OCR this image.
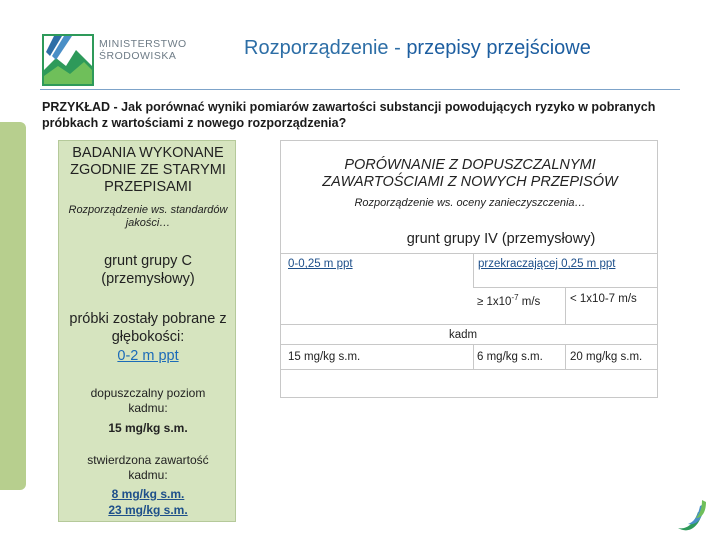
MINISTERSTWO
ŚRODOWISKA	Rozporządzenie - przepisy przejściowe
PRZYKŁAD - Jak porównać wyniki pomiarów zawartości substancji powodujących ryzyko w pobranych próbkach z wartościami z nowego rozporządzenia?
BADANIA WYKONANE ZGODNIE ZE STARYMI PRZEPISAMI
Rozporządzenie ws. standardów jakości…
grunt grupy C (przemysłowy)
próbki zostały pobrane z głębokości:
0-2 m ppt
dopuszczalny poziom kadmu:
15 mg/kg s.m.
stwierdzona zawartość kadmu:
8 mg/kg s.m.
23 mg/kg s.m.
PORÓWNANIE Z DOPUSZCZALNYMI ZAWARTOŚCIAMI Z NOWYCH PRZEPISÓW
Rozporządzenie ws. oceny zanieczyszczenia…
grunt grupy IV (przemysłowy)
0-0,25 m ppt	przekraczającej 0,25 m ppt
≥ $1x10^{-7}$ m/s	< 1x10-7 m/s
kadm
15 mg/kg s.m.	6 mg/kg s.m. 20 mg/kg s.m.
